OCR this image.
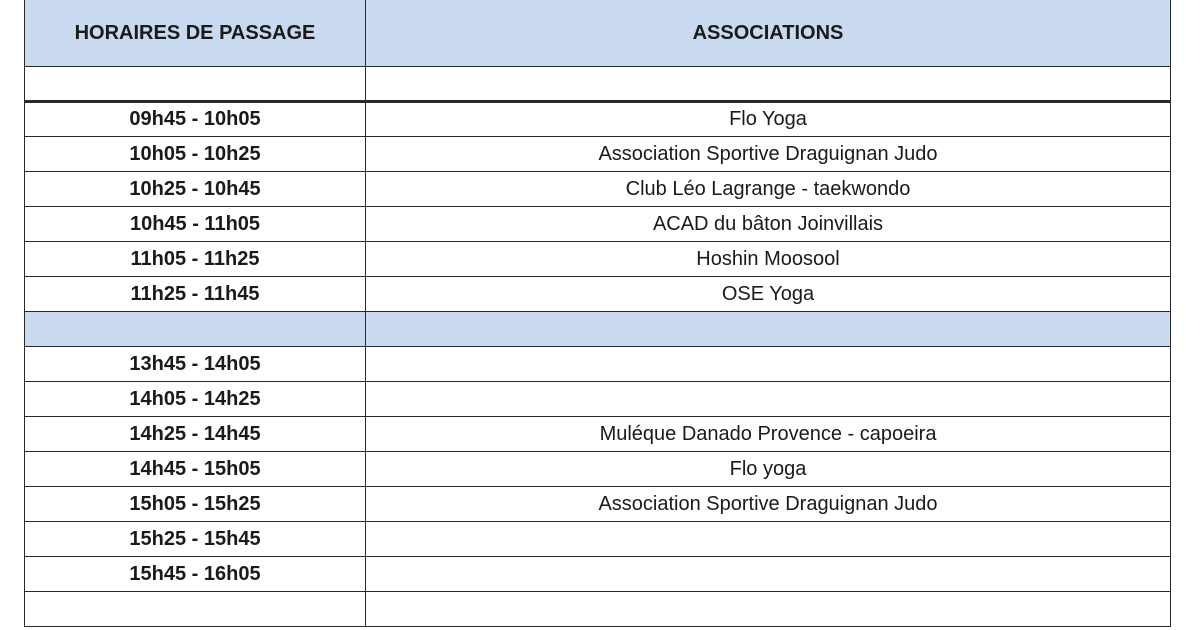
HORAIRES DE PASSAGE	ASSOCIATIONS

09h45 - 10h05	Flo Yoga
10h05 - 10h25	Association Sportive Draguignan Judo
10h25 - 10h45	Club Léo Lagrange - taekwondo
10h45 - 11h05	ACAD du bâton Joinvillais
11h05 - 11h25	Hoshin Moosool
11h25 - 11h45	OSE Yoga

13h45 - 14h05	
14h05 - 14h25	
14h25 - 14h45	Muléque Danado Provence - capoeira
14h45 - 15h05	Flo yoga
15h05 - 15h25	Association Sportive Draguignan Judo
15h25 - 15h45	
15h45 - 16h05	
